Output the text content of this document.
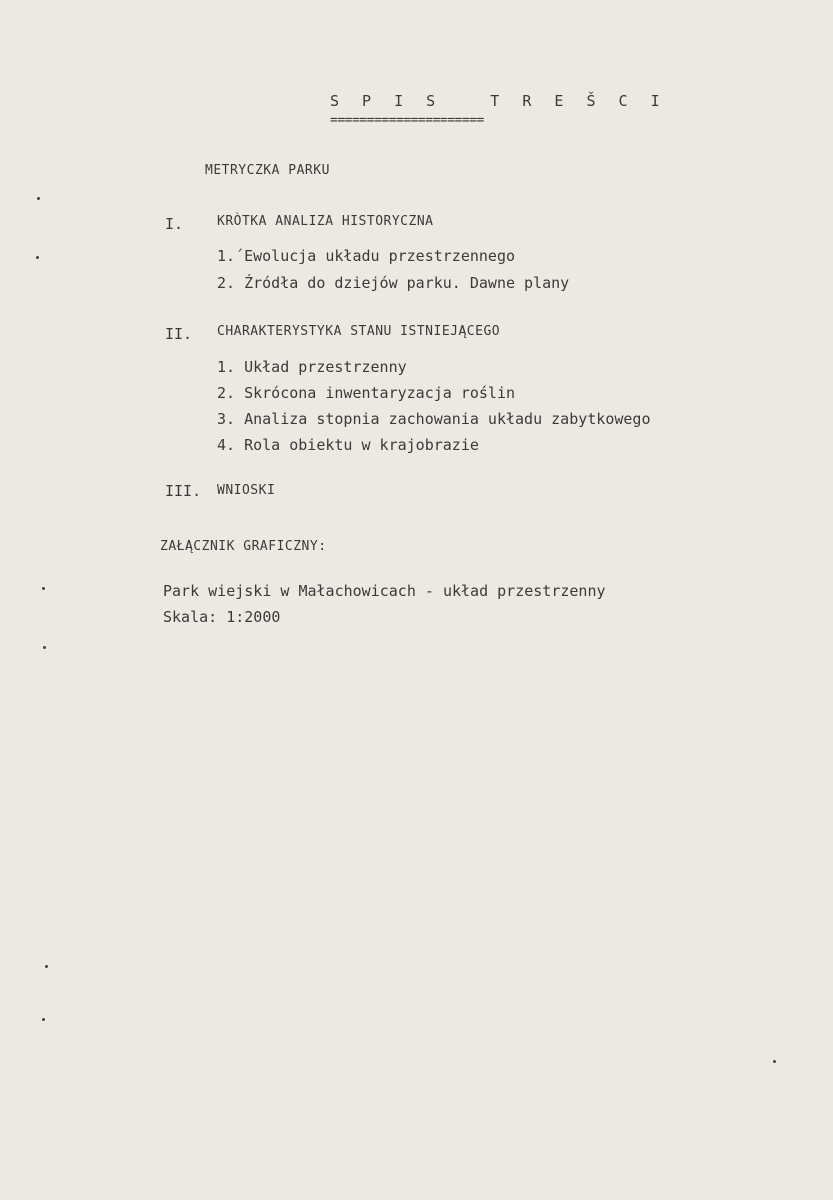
S P I S   T R E Š C I
=====================
METRYCZKA PARKU
I.	KRÒTKA ANALIZA HISTORYCZNA
1.´Ewolucja układu przestrzennego
2. Źródła do dziejów parku. Dawne plany
II. CHARAKTERYSTYKA STANU ISTNIEJĄCEGO
1. Układ przestrzenny
2. Skrócona inwentaryzacja roślin
3. Analiza stopnia zachowania układu zabytkowego
4. Rola obiektu w krajobrazie
III. WNIOSKI
ZAŁĄCZNIK GRAFICZNY:
Park wiejski w Małachowicach - układ przestrzenny
Skala: 1:2000
